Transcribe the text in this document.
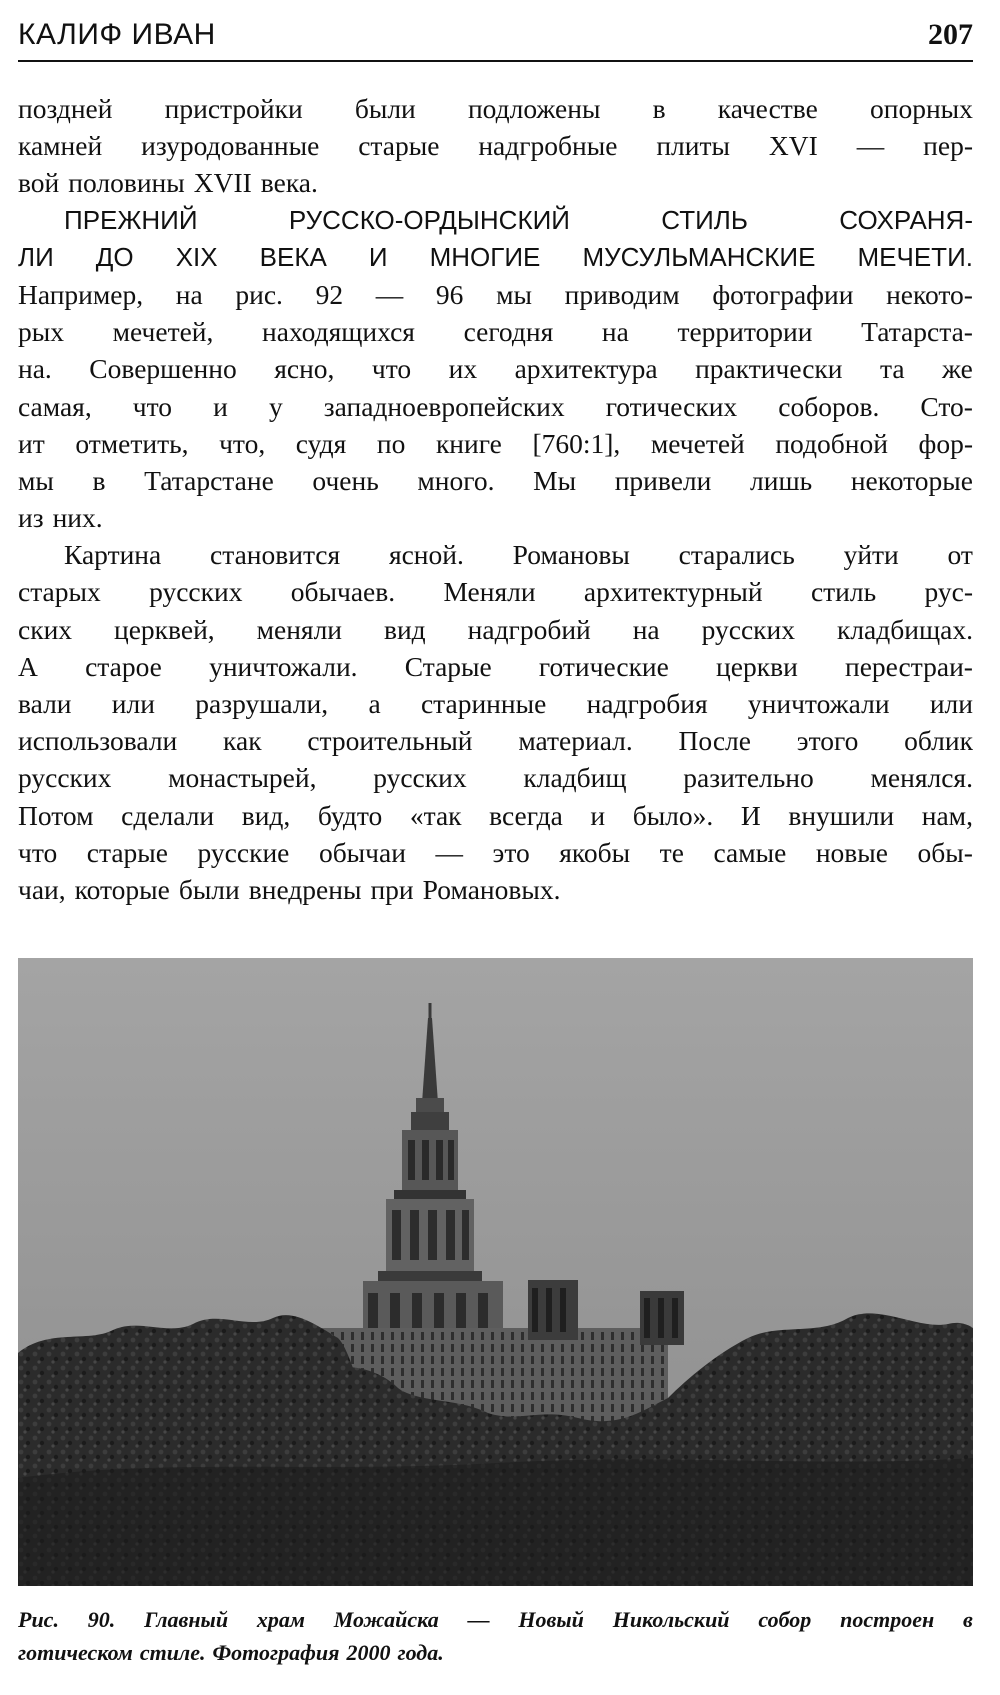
КАЛИФ ИВАН	207
поздней пристройки были подложены в качестве опорных
камней изуродованные старые надгробные плиты XVI — пер-
вой половины XVII века.
ПРЕЖНИЙ	РУССКО-ОРДЫНСКИЙ	СТИЛЬ	СОХРАНЯ-
ЛИ ДО XIX ВЕКА И МНОГИЕ МУСУЛЬМАНСКИЕ МЕЧЕТИ.
Например, на рис. 92 — 96 мы приводим фотографии некото-
рых мечетей, находящихся сегодня на территории Татарста-
на. Совершенно ясно, что их архитектура практически та же
самая, что и у западноевропейских готических соборов. Сто-
ит отметить, что, судя по книге [760:1], мечетей подобной фор-
мы в Татарстане очень много. Мы привели лишь некоторые
из них.
Картина становится ясной. Романовы старались уйти от
старых русских обычаев. Меняли архитектурный стиль рус-
ских церквей, меняли вид надгробий на русских кладбищах.
А старое уничтожали. Старые готические церкви перестраи-
вали или разрушали, а старинные надгробия уничтожали или
использовали как строительный материал. После этого облик
русских монастырей, русских кладбищ разительно менялся.
Потом сделали вид, будто «так всегда и было». И внушили нам,
что старые русские обычаи — это якобы те самые новые обы-
чаи, которые были внедрены при Романовых.
Рис. 90. Главный храм Можайска — Новый Никольский собор построен в
готическом стиле. Фотография 2000 года.
